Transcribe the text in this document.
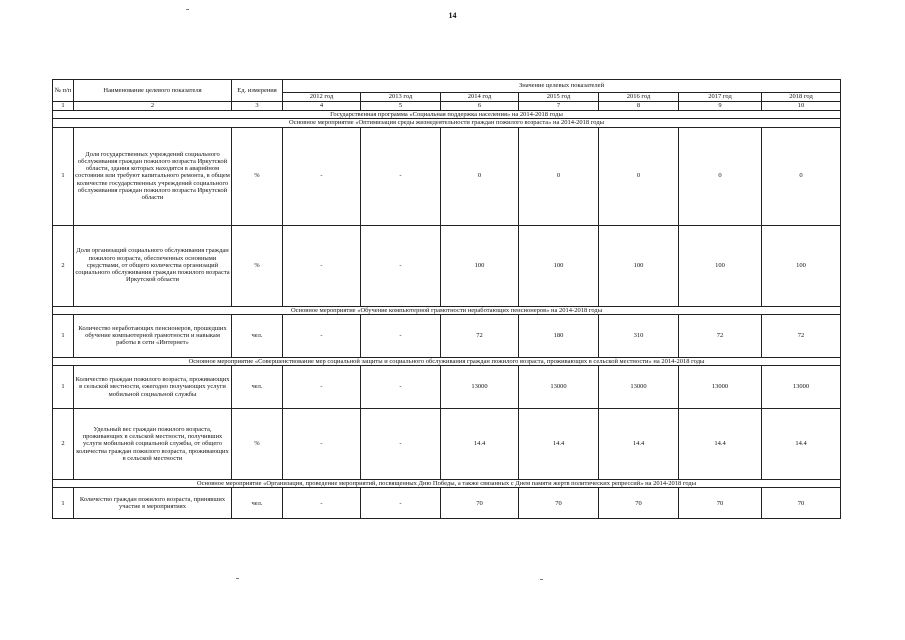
14
№ п/п	Наименование целевого показателя	Ед. измерения	Значение целевых показателей						
			2012 год	2013 год	2014 год	2015 год	2016 год	2017 год	2018 год
1	2	3	4	5	6	7	8	9	10
Государственная программа «Социальная поддержка населения» на 2014-2018 годы									
Основное мероприятие «Оптимизация среды жизнедеятельности граждан пожилого возраста» на 2014-2018 годы									
1	Доля государственных учреждений социального обслуживания граждан пожилого возраста Иркутской области, здания которых находятся в аварийном состоянии или требуют капитального ремонта, в общем количестве государственных учреждений социального обслуживания граждан пожилого возраста Иркутской области	%	-	-	0	0	0	0	0
2	Доля организаций социального обслуживания граждан пожилого возраста, обеспеченных основными средствами, от общего количества организаций социального обслуживания граждан пожилого возраста Иркутской области	%	-	-	100	100	100	100	100
Основное мероприятие «Обучение компьютерной грамотности неработающих пенсионеров» на 2014-2018 годы									
1	Количество неработающих пенсионеров, прошедших обучение компьютерной грамотности и навыкам работы в сети «Интернет»	чел.	-	-	72	180	310	72	72
Основное мероприятие «Совершенствование мер социальной защиты и социального обслуживания граждан пожилого возраста, проживающих в сельской местности» на 2014-2018 годы									
1	Количество граждан пожилого возраста, проживающих в сельской местности, ежегодно получающих услуги мобильной социальной службы	чел.	-	-	13000	13000	13000	13000	13000
2	Удельный вес граждан пожилого возраста, проживающих в сельской местности, получивших услуги мобильной социальной службы, от общего количества граждан пожилого возраста, проживающих в сельской местности	%	-	-	14.4	14.4	14.4	14.4	14.4
Основное мероприятие «Организация, проведение мероприятий, посвященных Дню Победы, а также связанных с Днем памяти жертв политических репрессий» на 2014-2018 годы									
1	Количество граждан пожилого возраста, принявших участие в мероприятиях	чел.	-	-	70	70	70	70	70
